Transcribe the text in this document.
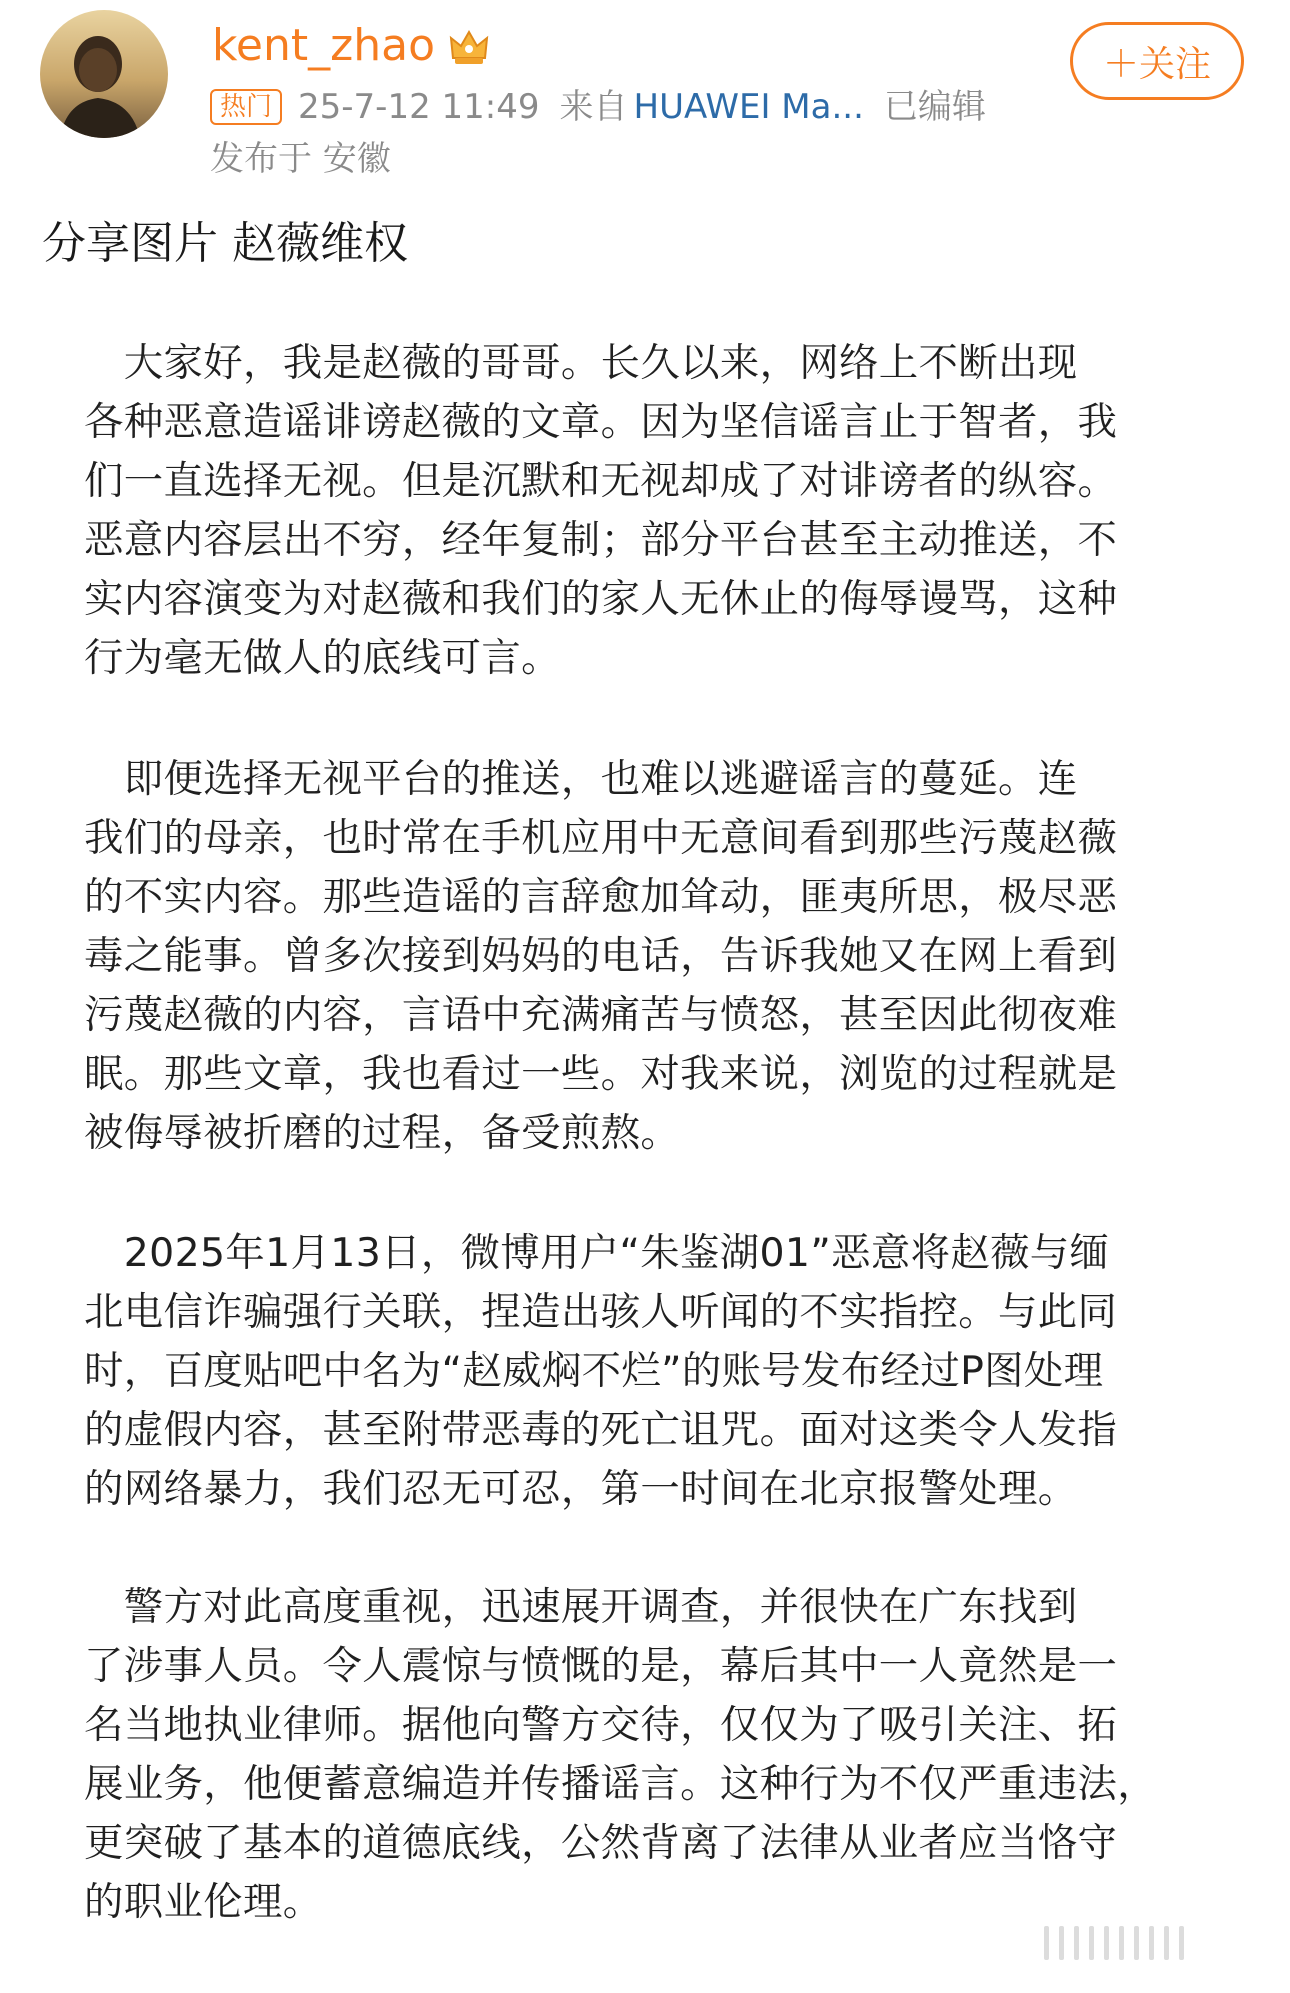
kent_zhao
热门 25-7-12 11:49 来自 HUAWEI Ma... 已编辑
发布于 安徽
＋关注
分享图片 赵薇维权
　大家好，我是赵薇的哥哥。长久以来，网络上不断出现
各种恶意造谣诽谤赵薇的文章。因为坚信谣言止于智者，我
们一直选择无视。但是沉默和无视却成了对诽谤者的纵容。
恶意内容层出不穷，经年复制；部分平台甚至主动推送，不
实内容演变为对赵薇和我们的家人无休止的侮辱谩骂，这种
行为毫无做人的底线可言。
　即便选择无视平台的推送，也难以逃避谣言的蔓延。连
我们的母亲，也时常在手机应用中无意间看到那些污蔑赵薇
的不实内容。那些造谣的言辞愈加耸动，匪夷所思，极尽恶
毒之能事。曾多次接到妈妈的电话，告诉我她又在网上看到
污蔑赵薇的内容，言语中充满痛苦与愤怒，甚至因此彻夜难
眠。那些文章，我也看过一些。对我来说，浏览的过程就是
被侮辱被折磨的过程，备受煎熬。
　2025年1月13日，微博用户“朱鉴湖01”恶意将赵薇与缅
北电信诈骗强行关联，捏造出骇人听闻的不实指控。与此同
时，百度贴吧中名为“赵威焖不烂”的账号发布经过P图处理
的虚假内容，甚至附带恶毒的死亡诅咒。面对这类令人发指
的网络暴力，我们忍无可忍，第一时间在北京报警处理。
　警方对此高度重视，迅速展开调查，并很快在广东找到
了涉事人员。令人震惊与愤慨的是，幕后其中一人竟然是一
名当地执业律师。据他向警方交待，仅仅为了吸引关注、拓
展业务，他便蓄意编造并传播谣言。这种行为不仅严重违法，
更突破了基本的道德底线，公然背离了法律从业者应当恪守
的职业伦理。
